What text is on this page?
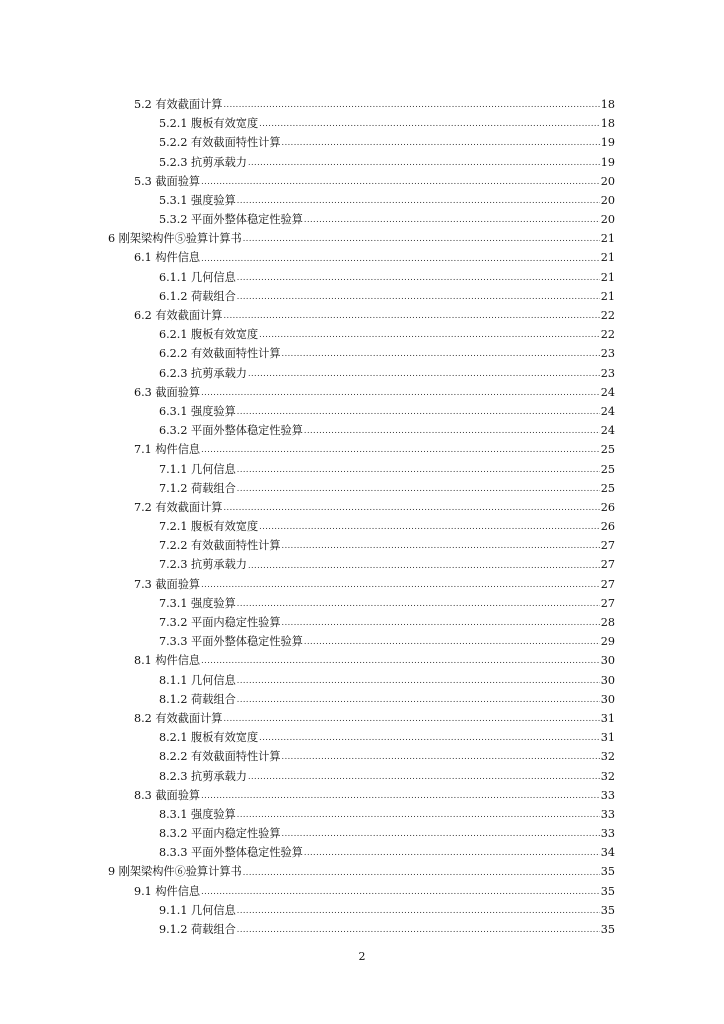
5.2 有效截面计算 .....	18
5.2.1 腹板有效宽度 .....	18
5.2.2 有效截面特性计算 .....	19
5.2.3 抗剪承载力 .....	19
5.3 截面验算 .....	20
5.3.1 强度验算 .....	20
5.3.2 平面外整体稳定性验算 .....	20
6 刚架梁构件⑤验算计算书 .....	21
6.1 构件信息 .....	21
6.1.1 几何信息 .....	21
6.1.2 荷载组合 .....	21
6.2 有效截面计算 .....	22
6.2.1 腹板有效宽度 .....	22
6.2.2 有效截面特性计算 .....	23
6.2.3 抗剪承载力 .....	23
6.3 截面验算 .....	24
6.3.1 强度验算 .....	24
6.3.2 平面外整体稳定性验算 .....	24
7.1 构件信息 .....	25
7.1.1 几何信息 .....	25
7.1.2 荷载组合 .....	25
7.2 有效截面计算 .....	26
7.2.1 腹板有效宽度 .....	26
7.2.2 有效截面特性计算 .....	27
7.2.3 抗剪承载力 .....	27
7.3 截面验算 .....	27
7.3.1 强度验算 .....	27
7.3.2 平面内稳定性验算 .....	28
7.3.3 平面外整体稳定性验算 .....	29
8.1 构件信息 .....	30
8.1.1 几何信息 .....	30
8.1.2 荷载组合 .....	30
8.2 有效截面计算 .....	31
8.2.1 腹板有效宽度 .....	31
8.2.2 有效截面特性计算 .....	32
8.2.3 抗剪承载力 .....	32
8.3 截面验算 .....	33
8.3.1 强度验算 .....	33
8.3.2 平面内稳定性验算 .....	33
8.3.3 平面外整体稳定性验算 .....	34
9 刚架梁构件⑥验算计算书 .....	35
9.1 构件信息 .....	35
9.1.1 几何信息 .....	35
9.1.2 荷载组合 .....	35
2
